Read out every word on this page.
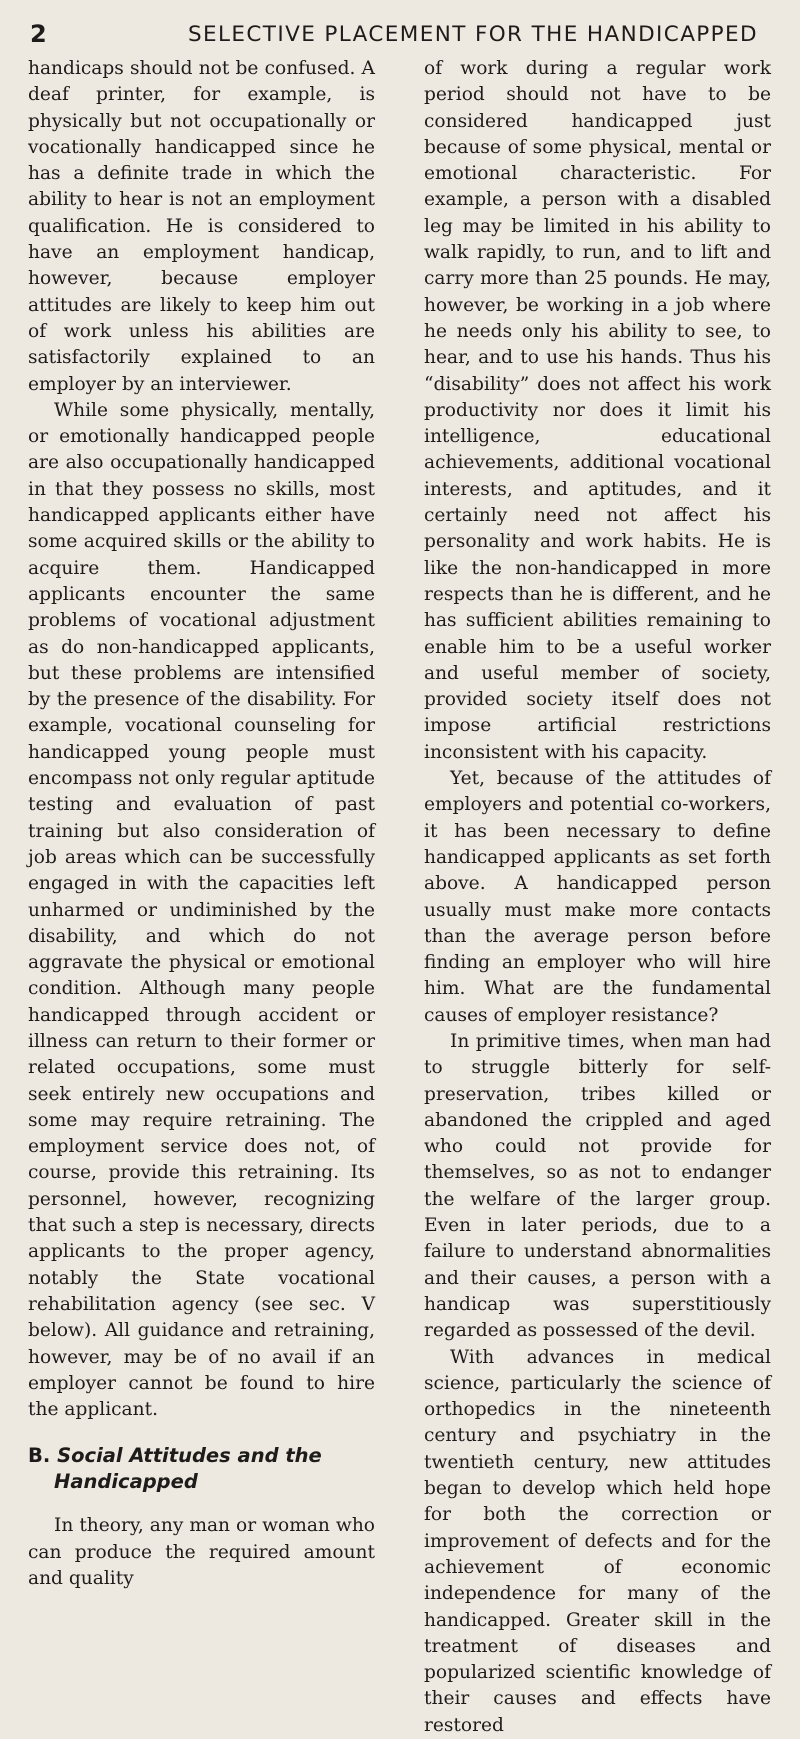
2	SELECTIVE PLACEMENT FOR THE HANDICAPPED

handicaps should not be confused. A deaf printer, for example, is physically but not occupationally or vocationally handicapped since he has a definite trade in which the ability to hear is not an employment qualification. He is considered to have an employment handicap, however, because employer attitudes are likely to keep him out of work unless his abilities are satisfactorily explained to an employer by an interviewer.

While some physically, mentally, or emotionally handicapped people are also occupationally handicapped in that they possess no skills, most handicapped applicants either have some acquired skills or the ability to acquire them. Handicapped applicants encounter the same problems of vocational adjustment as do non-handicapped applicants, but these problems are intensified by the presence of the disability. For example, vocational counseling for handicapped young people must encompass not only regular aptitude testing and evaluation of past training but also consideration of job areas which can be successfully engaged in with the capacities left unharmed or undiminished by the disability, and which do not aggravate the physical or emotional condition. Although many people handicapped through accident or illness can return to their former or related occupations, some must seek entirely new occupations and some may require retraining. The employment service does not, of course, provide this retraining. Its personnel, however, recognizing that such a step is necessary, directs applicants to the proper agency, notably the State vocational rehabilitation agency (see sec. V below). All guidance and retraining, however, may be of no avail if an employer cannot be found to hire the applicant.

B. Social Attitudes and the Handicapped

In theory, any man or woman who can produce the required amount and quality

of work during a regular work period should not have to be considered handicapped just because of some physical, mental or emotional characteristic. For example, a person with a disabled leg may be limited in his ability to walk rapidly, to run, and to lift and carry more than 25 pounds. He may, however, be working in a job where he needs only his ability to see, to hear, and to use his hands. Thus his “disability” does not affect his work productivity nor does it limit his intelligence, educational achievements, additional vocational interests, and aptitudes, and it certainly need not affect his personality and work habits. He is like the non-handicapped in more respects than he is different, and he has sufficient abilities remaining to enable him to be a useful worker and useful member of society, provided society itself does not impose artificial restrictions inconsistent with his capacity.

Yet, because of the attitudes of employers and potential co-workers, it has been necessary to define handicapped applicants as set forth above. A handicapped person usually must make more contacts than the average person before finding an employer who will hire him. What are the fundamental causes of employer resistance?

In primitive times, when man had to struggle bitterly for self-preservation, tribes killed or abandoned the crippled and aged who could not provide for themselves, so as not to endanger the welfare of the larger group. Even in later periods, due to a failure to understand abnormalities and their causes, a person with a handicap was superstitiously regarded as possessed of the devil.

With advances in medical science, particularly the science of orthopedics in the nineteenth century and psychiatry in the twentieth century, new attitudes began to develop which held hope for both the correction or improvement of defects and for the achievement of economic independence for many of the handicapped. Greater skill in the treatment of diseases and popularized scientific knowledge of their causes and effects have restored
